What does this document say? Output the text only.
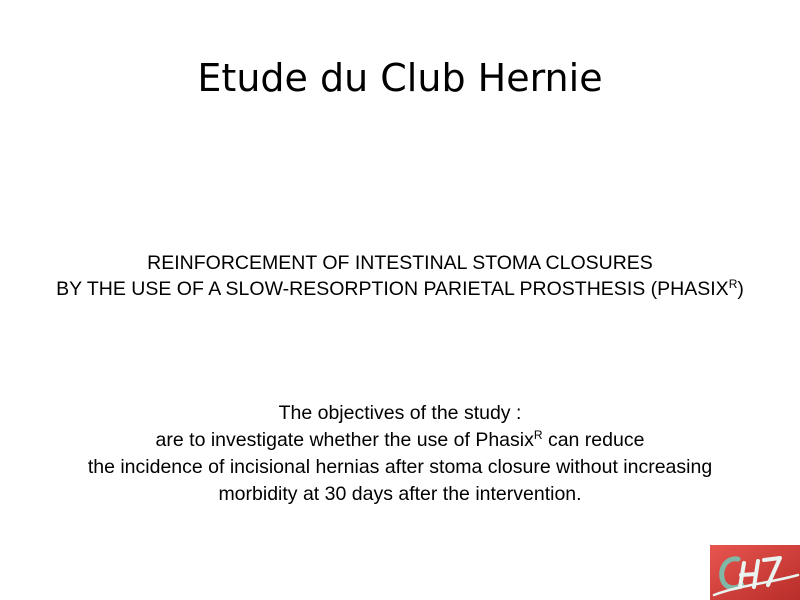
Etude du Club Hernie
REINFORCEMENT OF INTESTINAL STOMA CLOSURES
BY THE USE OF A SLOW-RESORPTION PARIETAL PROSTHESIS $(PHASIX^R)$
The objectives of the study :
are to investigate whether the use of Phasix$^R$ can reduce
the incidence of incisional hernias after stoma closure without increasing
morbidity at 30 days after the intervention.
